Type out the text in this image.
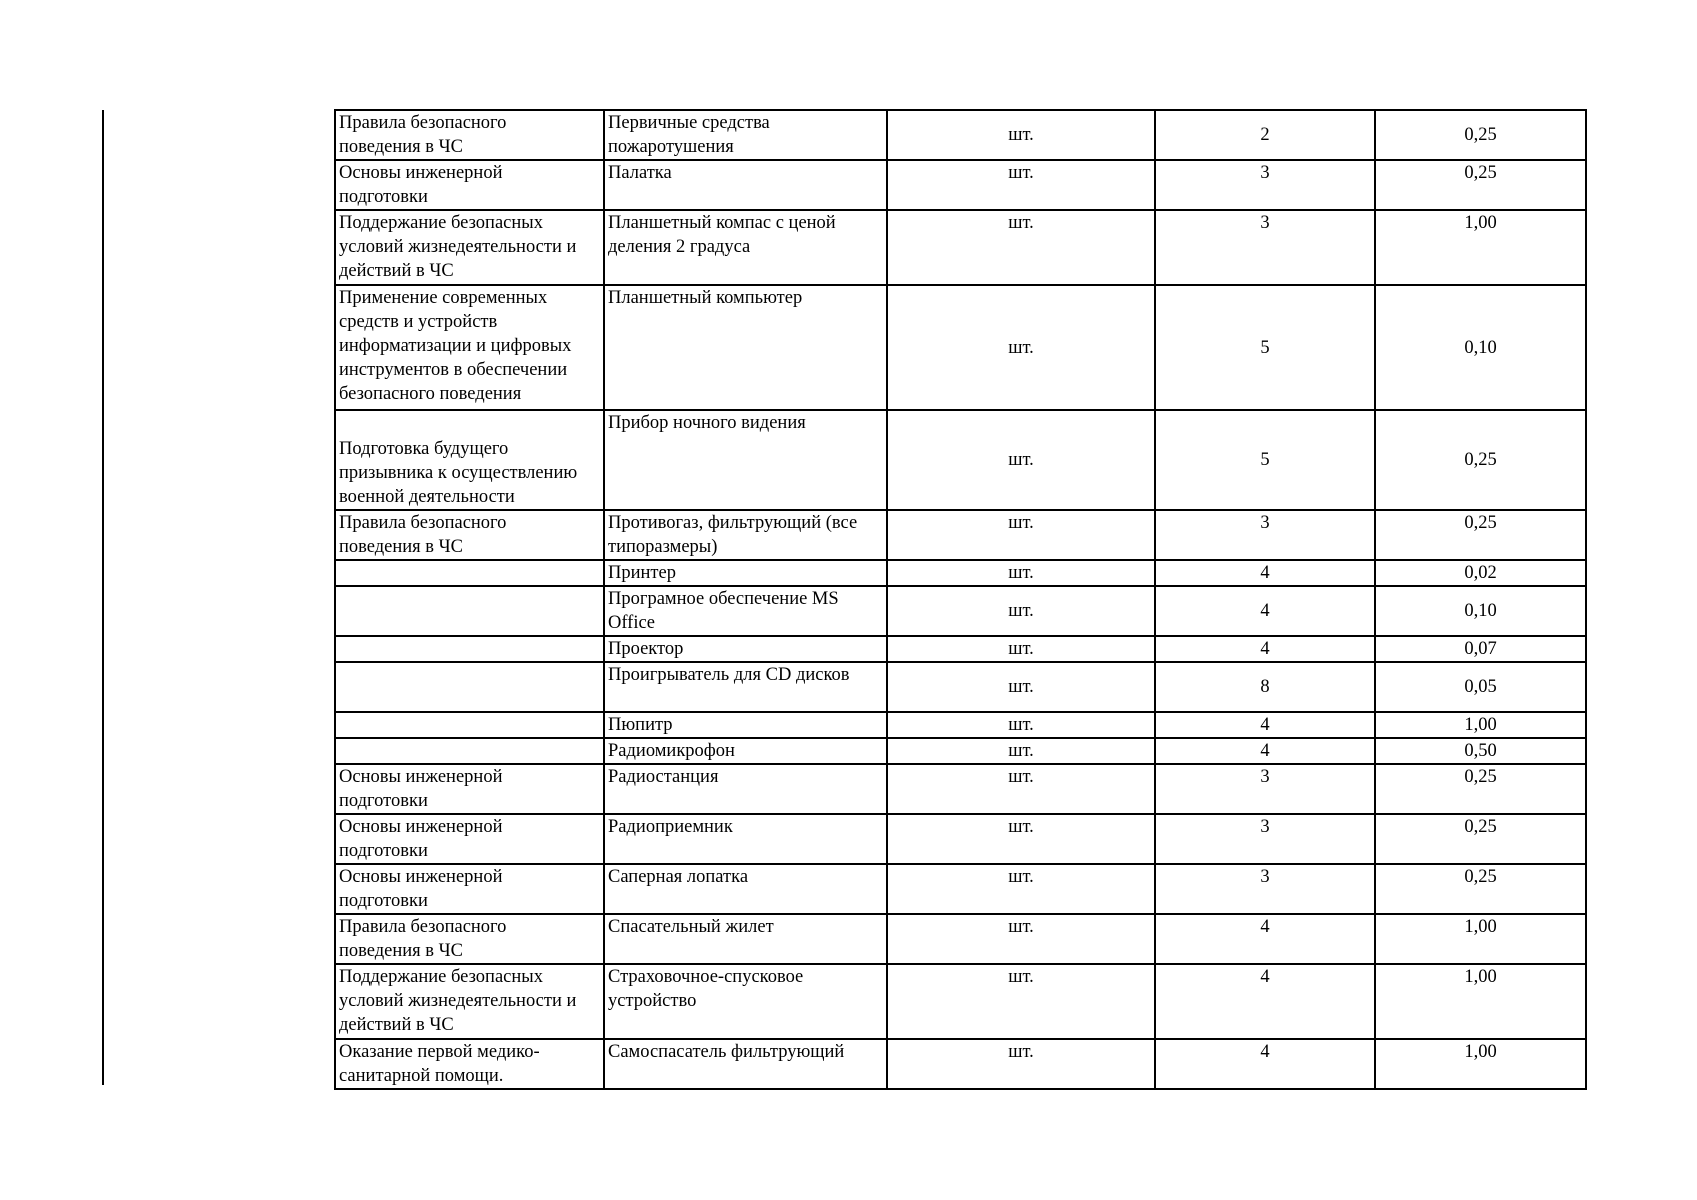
Правила безопасного
поведения в ЧС	Первичные средства
пожаротушения	шт.	2	0,25

Основы инженерной
подготовки	Палатка	шт.	3	0,25

Поддержание безопасных
условий жизнедеятельности и
действий в ЧС	Планшетный компас с ценой
деления 2 градуса	шт.	3	1,00

Применение современных
средств и устройств
информатизации и цифровых
инструментов в обеспечении
безопасного поведения	Планшетный компьютер	шт.	5	0,10

Подготовка будущего
призывника к осуществлению
военной деятельности	Прибор ночного видения	шт.	5	0,25

Правила безопасного
поведения в ЧС	Противогаз, фильтрующий (все
типоразмеры)	шт.	3	0,25

	Принтер	шт.	4	0,02

	Програмное обеспечение MS
Office	шт.	4	0,10

	Проектор	шт.	4	0,07

	Проигрыватель для CD дисков	шт.	8	0,05

	Пюпитр	шт.	4	1,00

	Радиомикрофон	шт.	4	0,50

Основы инженерной
подготовки	Радиостанция	шт.	3	0,25

Основы инженерной
подготовки	Радиоприемник	шт.	3	0,25

Основы инженерной
подготовки	Саперная лопатка	шт.	3	0,25

Правила безопасного
поведения в ЧС	Спасательный жилет	шт.	4	1,00

Поддержание безопасных
условий жизнедеятельности и
действий в ЧС	Страховочное-спусковое
устройство	шт.	4	1,00

Оказание первой медико-
санитарной помощи.	Самоспасатель фильтрующий	шт.	4	1,00
